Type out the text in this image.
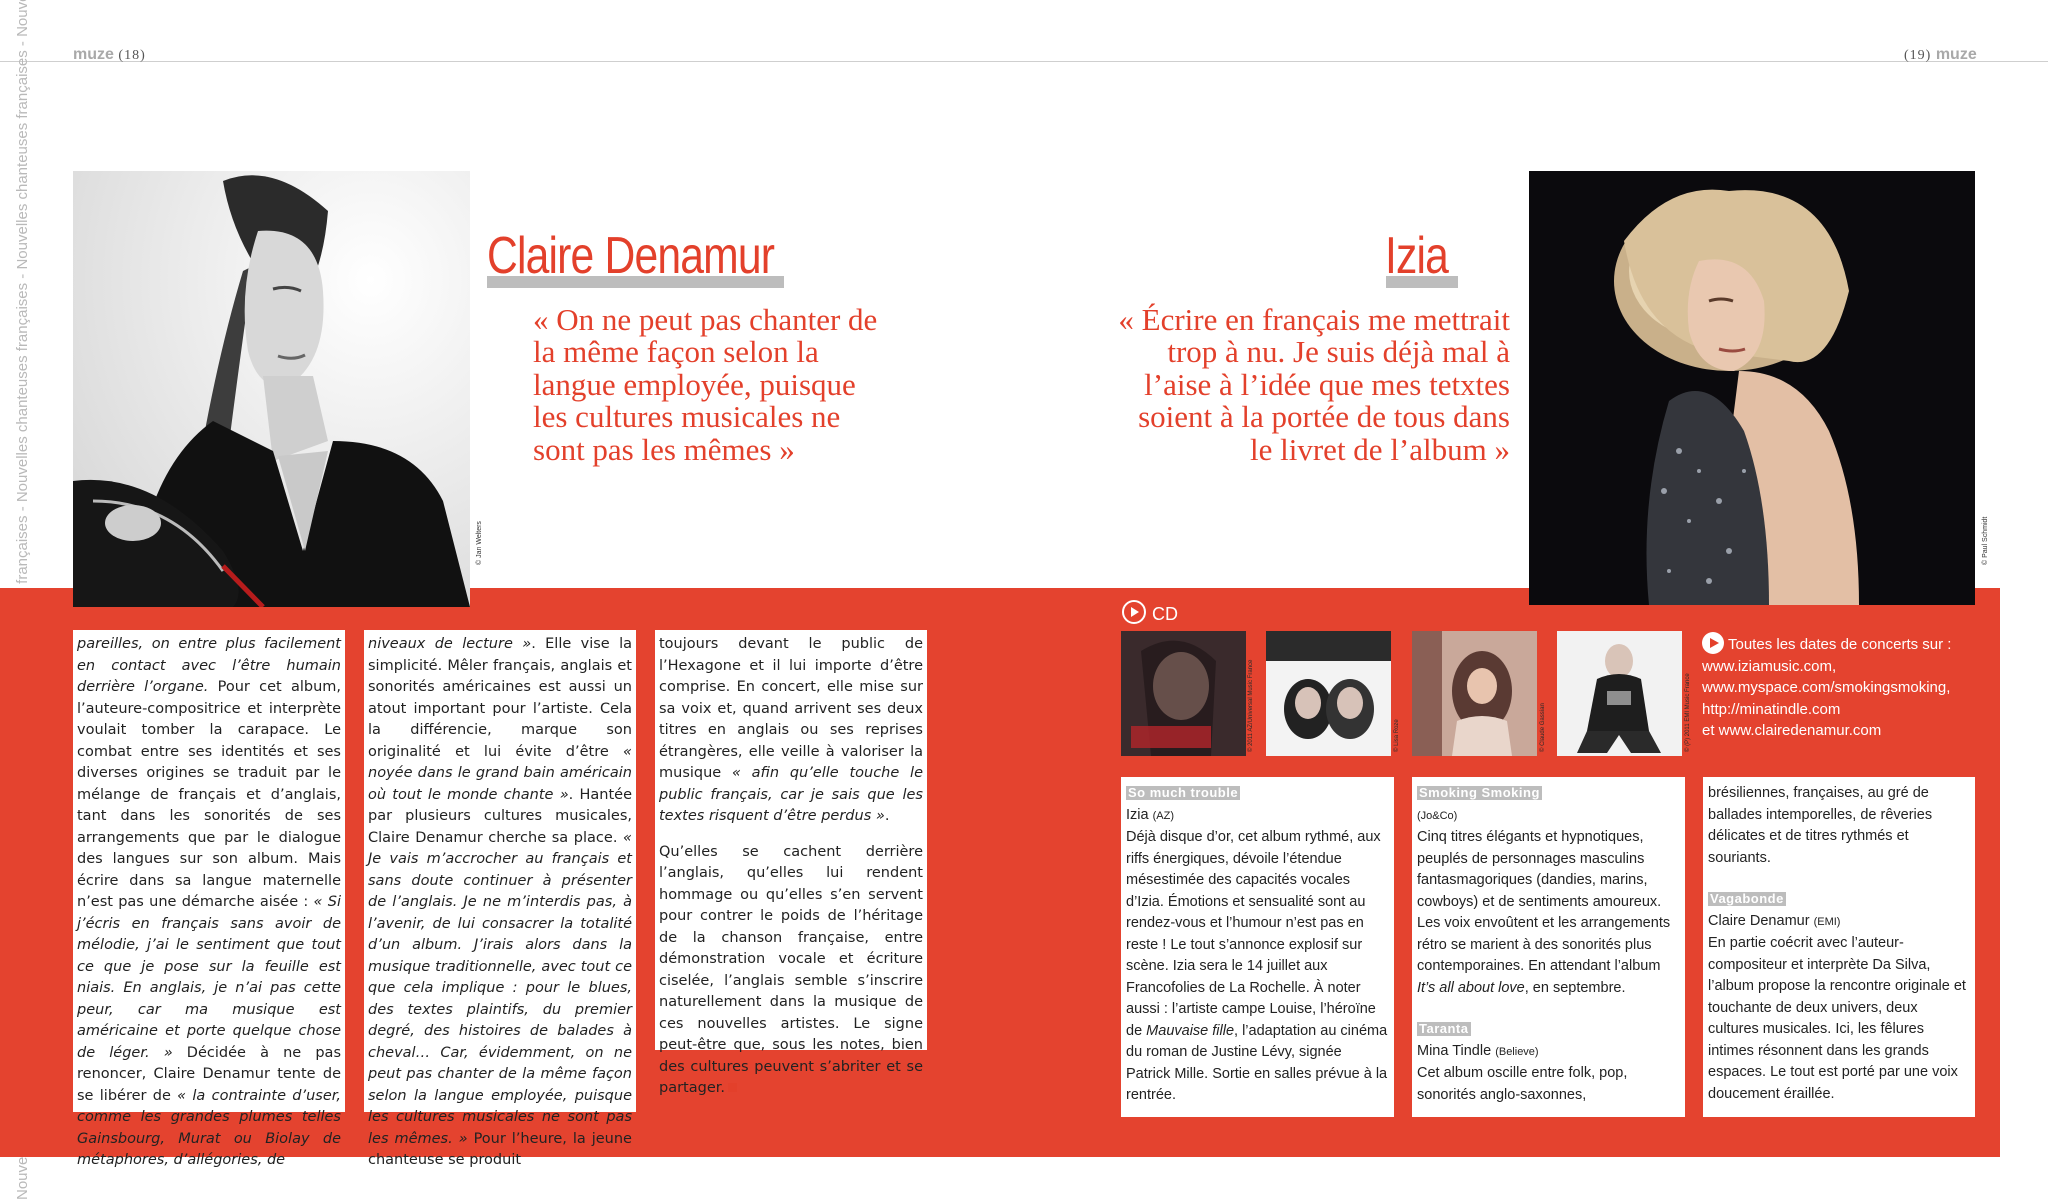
muze (18)	(19) muze
© Jan Welters
Claire Denamur
« On ne peut pas chanter de la même façon selon la langue employée, puisque les cultures musicales ne sont pas les mêmes »
© Paul Schmidt
Izia
« Écrire en français me mettrait trop à nu. Je suis déjà mal à l’aise à l’idée que mes tetxtes soient à la portée de tous dans le livret de l’album »
pareilles, on entre plus facilement en contact avec l’être humain derrière l’organe. Pour cet album, l’auteure-compositrice et interprète voulait tomber la carapace. Le combat entre ses identités et ses diverses origines se traduit par le mélange de français et d’anglais, tant dans les sonorités de ses arrangements que par le dialogue des langues sur son album. Mais écrire dans sa langue maternelle n’est pas une démarche aisée : « Si j’écris en français sans avoir de mélodie, j’ai le sentiment que tout ce que je pose sur la feuille est niais. En anglais, je n’ai pas cette peur, car ma musique est américaine et porte quelque chose de léger. » Décidée à ne pas renoncer, Claire Denamur tente de se libérer de « la contrainte d’user, comme les grandes plumes telles Gainsbourg, Murat ou Biolay de métaphores, d’allégories, de
niveaux de lecture ». Elle vise la simplicité. Mêler français, anglais et sonorités américaines est aussi un atout important pour l’artiste. Cela la différencie, marque son originalité et lui évite d’être « noyée dans le grand bain américain où tout le monde chante ». Hantée par plusieurs cultures musicales, Claire Denamur cherche sa place. « Je vais m’accrocher au français et sans doute continuer à présenter de l’anglais. Je ne m’interdis pas, à l’avenir, de lui consacrer la totalité d’un album. J’irais alors dans la musique traditionnelle, avec tout ce que cela implique : pour le blues, des textes plaintifs, du premier degré, des histoires de balades à cheval… Car, évidemment, on ne peut pas chanter de la même façon selon la langue employée, puisque les cultures musicales ne sont pas les mêmes. » Pour l’heure, la jeune chanteuse se produit
toujours devant le public de l’Hexagone et il lui importe d’être comprise. En concert, elle mise sur sa voix et, quand arrivent ses deux titres en anglais ou ses reprises étrangères, elle veille à valoriser la musique « afin qu’elle touche le public français, car je sais que les textes risquent d’être perdus ».
Qu’elles se cachent derrière l’anglais, qu’elles lui rendent hommage ou qu’elles s’en servent pour contrer le poids de l’héritage de la chanson française, entre démonstration vocale et écriture ciselée, l’anglais semble s’inscrire naturellement dans la musique de ces nouvelles artistes. Le signe peut-être que, sous les notes, bien des cultures peuvent s’abriter et se partager.
CD
© 2011 AZ/Universal Music France	© Lisa Roze	© Claude Gassian	© (P) 2011 EMI Music France
Toutes les dates de concerts sur :
www.iziamusic.com,
www.myspace.com/smokingsmoking,
http://minatindle.com
et www.clairedenamur.com
So much trouble
Izia (AZ)
Déjà disque d’or, cet album rythmé, aux riffs énergiques, dévoile l’étendue mésestimée des capacités vocales d’Izia. Émotions et sensualité sont au rendez-vous et l’humour n’est pas en reste ! Le tout s’annonce explosif sur scène. Izia sera le 14 juillet aux Francofolies de La Rochelle. À noter aussi : l’artiste campe Louise, l’héroïne de Mauvaise fille, l’adaptation au cinéma du roman de Justine Lévy, signée Patrick Mille. Sortie en salles prévue à la rentrée.
Smoking Smoking
(Jo&Co)
Cinq titres élégants et hypnotiques, peuplés de personnages masculins fantasmagoriques (dandies, marins, cowboys) et de sentiments amoureux. Les voix envoûtent et les arrangements rétro se marient à des sonorités plus contemporaines. En attendant l’album It’s all about love, en septembre.
Taranta
Mina Tindle (Believe)
Cet album oscille entre folk, pop, sonorités anglo-saxonnes,
brésiliennes, françaises, au gré de ballades intemporelles, de rêveries délicates et de titres rythmés et souriants.
Vagabonde
Claire Denamur (EMI)
En partie coécrit avec l’auteur-compositeur et interprète Da Silva, l’album propose la rencontre originale et touchante de deux univers, deux cultures musicales. Ici, les fêlures intimes résonnent dans les grands espaces. Le tout est porté par une voix doucement éraillée.
